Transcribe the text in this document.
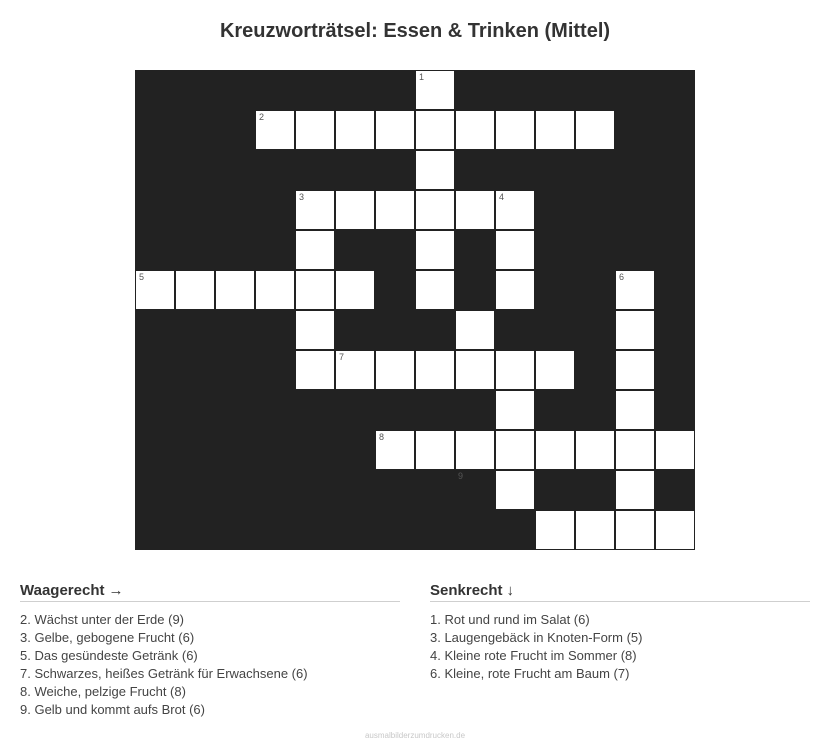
Kreuzworträtsel: Essen & Trinken (Mittel)
1
2
3	4
5	6
7
8
9
Waagerecht →
2. Wächst unter der Erde (9)
3. Gelbe, gebogene Frucht (6)
5. Das gesündeste Getränk (6)
7. Schwarzes, heißes Getränk für Erwachsene (6)
8. Weiche, pelzige Frucht (8)
9. Gelb und kommt aufs Brot (6)
Senkrecht ↓
1. Rot und rund im Salat (6)
3. Laugengebäck in Knoten-Form (5)
4. Kleine rote Frucht im Sommer (8)
6. Kleine, rote Frucht am Baum (7)
ausmalbilderzumdrucken.de
